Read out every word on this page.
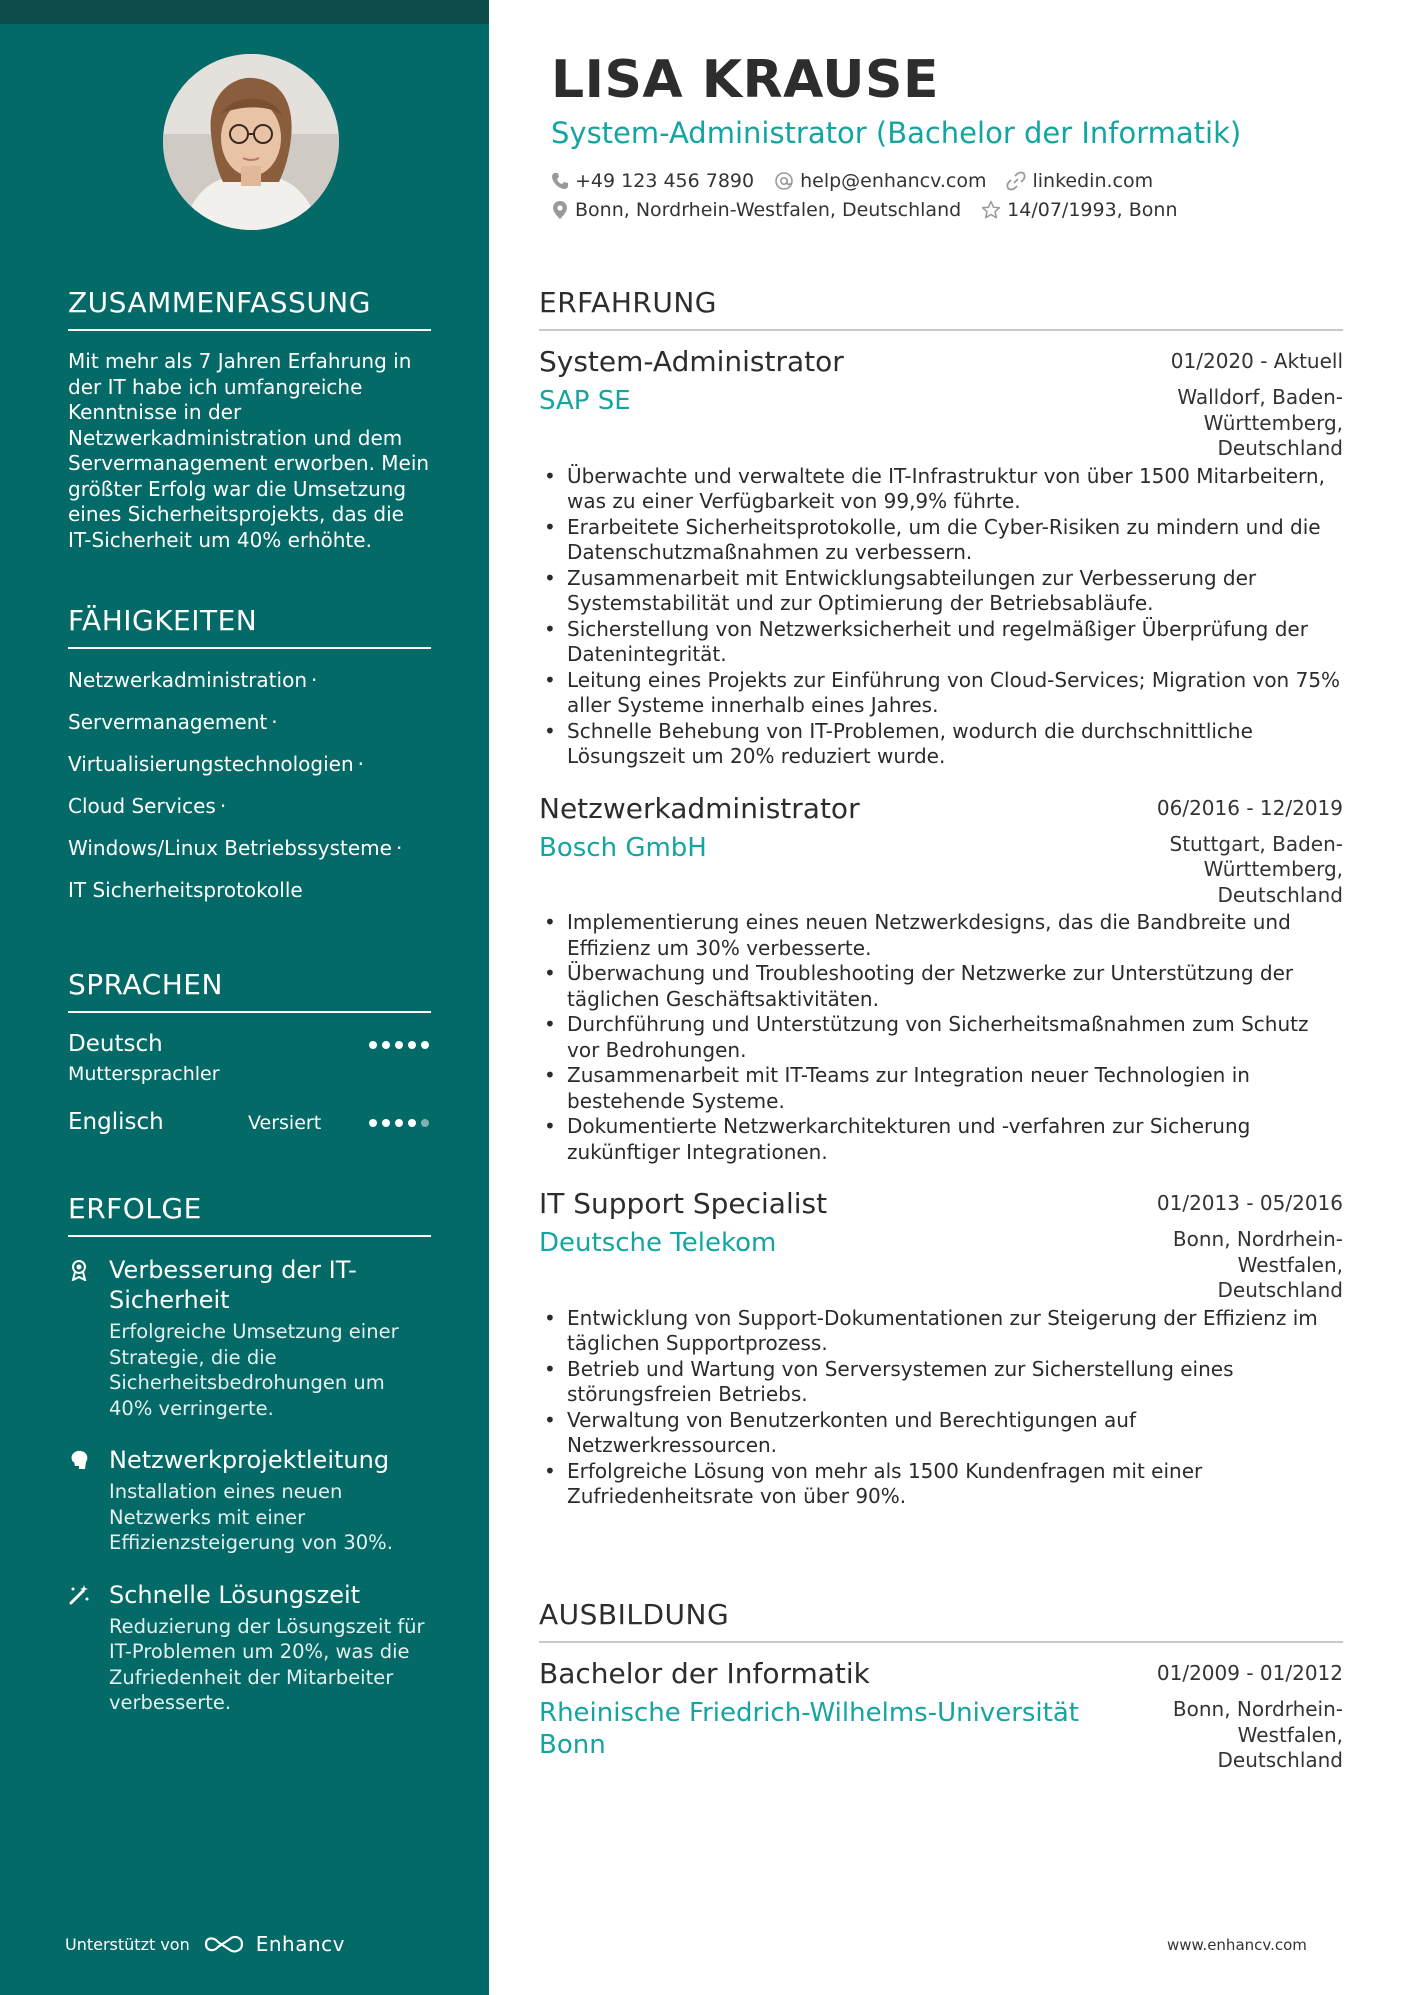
ZUSAMMENFASSUNG
Mit mehr als 7 Jahren Erfahrung in der IT habe ich umfangreiche Kenntnisse in der Netzwerkadministration und dem Servermanagement erworben. Mein größter Erfolg war die Umsetzung eines Sicherheitsprojekts, das die IT-Sicherheit um 40% erhöhte.
FÄHIGKEITEN
Netzwerkadministration ·
Servermanagement ·
Virtualisierungstechnologien ·
Cloud Services ·
Windows/Linux Betriebssysteme ·
IT Sicherheitsprotokolle
SPRACHEN
Deutsch
Muttersprachler
Englisch	Versiert
ERFOLGE
Verbesserung der IT-Sicherheit
Erfolgreiche Umsetzung einer Strategie, die die Sicherheitsbedrohungen um 40% verringerte.
Netzwerkprojektleitung
Installation eines neuen Netzwerks mit einer Effizienzsteigerung von 30%.
Schnelle Lösungszeit
Reduzierung der Lösungszeit für IT-Problemen um 20%, was die Zufriedenheit der Mitarbeiter verbesserte.
Unterstützt von	Enhancv
LISA KRAUSE
System-Administrator (Bachelor der Informatik)
+49 123 456 7890 help@enhancv.com linkedin.com
Bonn, Nordrhein-Westfalen, Deutschland 14/07/1993, Bonn
ERFAHRUNG
System-Administrator	01/2020 - Aktuell
SAP SE	Walldorf, Baden-
Württemberg,
Deutschland
• Überwachte und verwaltete die IT-Infrastruktur von über 1500 Mitarbeitern, was zu einer Verfügbarkeit von 99,9% führte.
• Erarbeitete Sicherheitsprotokolle, um die Cyber-Risiken zu mindern und die Datenschutzmaßnahmen zu verbessern.
• Zusammenarbeit mit Entwicklungsabteilungen zur Verbesserung der Systemstabilität und zur Optimierung der Betriebsabläufe.
• Sicherstellung von Netzwerksicherheit und regelmäßiger Überprüfung der Datenintegrität.
• Leitung eines Projekts zur Einführung von Cloud-Services; Migration von 75% aller Systeme innerhalb eines Jahres.
• Schnelle Behebung von IT-Problemen, wodurch die durchschnittliche Lösungszeit um 20% reduziert wurde.
Netzwerkadministrator	06/2016 - 12/2019
Bosch GmbH	Stuttgart, Baden-
Württemberg,
Deutschland
• Implementierung eines neuen Netzwerkdesigns, das die Bandbreite und Effizienz um 30% verbesserte.
• Überwachung und Troubleshooting der Netzwerke zur Unterstützung der täglichen Geschäftsaktivitäten.
• Durchführung und Unterstützung von Sicherheitsmaßnahmen zum Schutz vor Bedrohungen.
• Zusammenarbeit mit IT-Teams zur Integration neuer Technologien in bestehende Systeme.
• Dokumentierte Netzwerkarchitekturen und -verfahren zur Sicherung zukünftiger Integrationen.
IT Support Specialist	01/2013 - 05/2016
Deutsche Telekom	Bonn, Nordrhein-
Westfalen,
Deutschland
• Entwicklung von Support-Dokumentationen zur Steigerung der Effizienz im täglichen Supportprozess.
• Betrieb und Wartung von Serversystemen zur Sicherstellung eines störungsfreien Betriebs.
• Verwaltung von Benutzerkonten und Berechtigungen auf Netzwerkressourcen.
• Erfolgreiche Lösung von mehr als 1500 Kundenfragen mit einer Zufriedenheitsrate von über 90%.
AUSBILDUNG
Bachelor der Informatik	01/2009 - 01/2012
Rheinische Friedrich-Wilhelms-Universität Bonn
Bonn, Nordrhein-
Westfalen,
Deutschland
www.enhancv.com
